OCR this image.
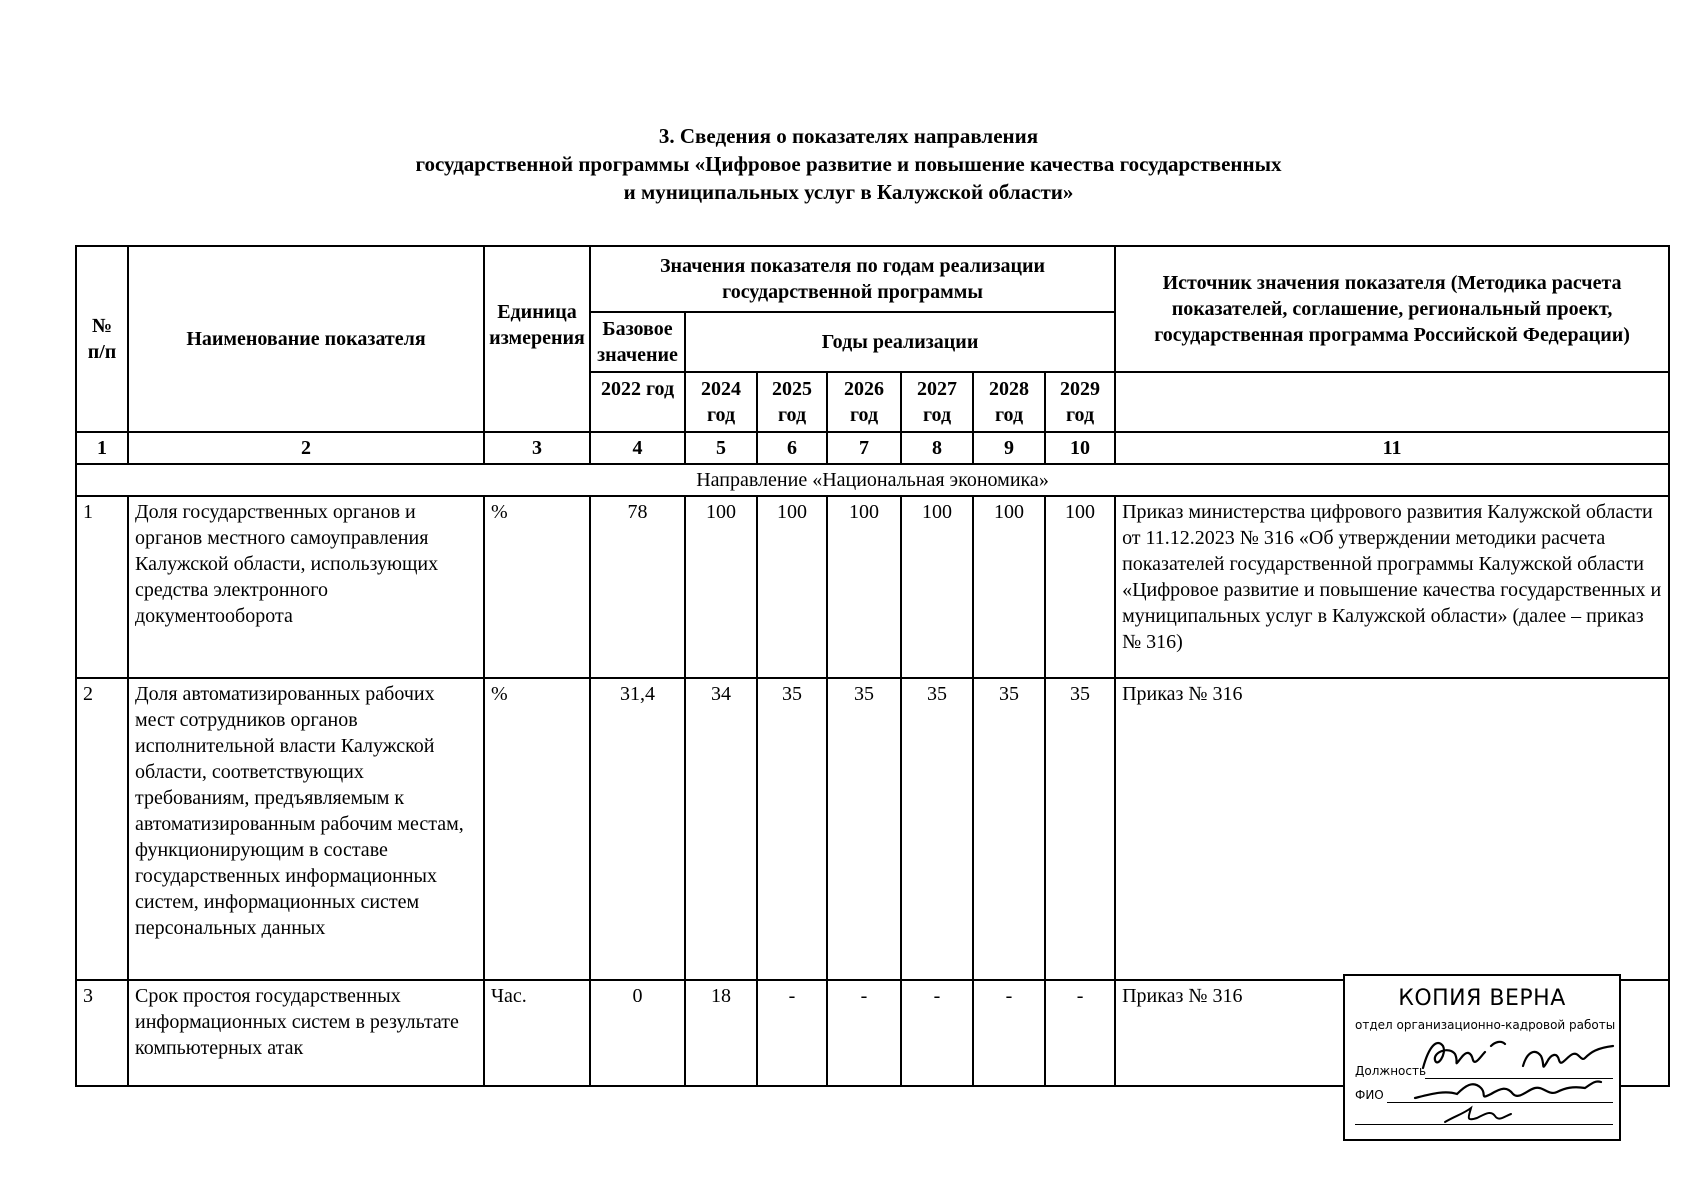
3. Сведения о показателях направления
государственной программы «Цифровое развитие и повышение качества государственных
и муниципальных услуг в Калужской области»
№ п/п	Наименование показателя	Единица измерения	Значения показателя по годам реализации государственной программы							Источник значения показателя (Методика расчета показателей, соглашение, региональный проект, государственная программа Российской Федерации)
			Базовое значение	Годы реализации						
			2022 год	2024 год	2025 год	2026 год	2027 год	2028 год	2029 год	
1	2	3	4	5	6	7	8	9	10	11
Направление «Национальная экономика»										
1	Доля государственных органов и органов местного самоуправления Калужской области, использующих средства электронного документооборота	%	78	100	100	100	100	100	100	Приказ министерства цифрового развития Калужской области от 11.12.2023 № 316 «Об утверждении методики расчета показателей государственной программы Калужской области «Цифровое развитие и повышение качества государственных и муниципальных услуг в Калужской области» (далее – приказ № 316)
2	Доля автоматизированных рабочих мест сотрудников органов исполнительной власти Калужской области, соответствующих требованиям, предъявляемым к автоматизированным рабочим местам, функционирующим в составе государственных информационных систем, информационных систем персональных данных	%	31,4	34	35	35	35	35	35	Приказ № 316
3	Срок простоя государственных информационных систем в результате компьютерных атак	Час.	0	18	-	-	-	-	-	Приказ № 316	КОПИЯ ВЕРНА
отдел организационно-кадровой работы
Должность
ФИО
